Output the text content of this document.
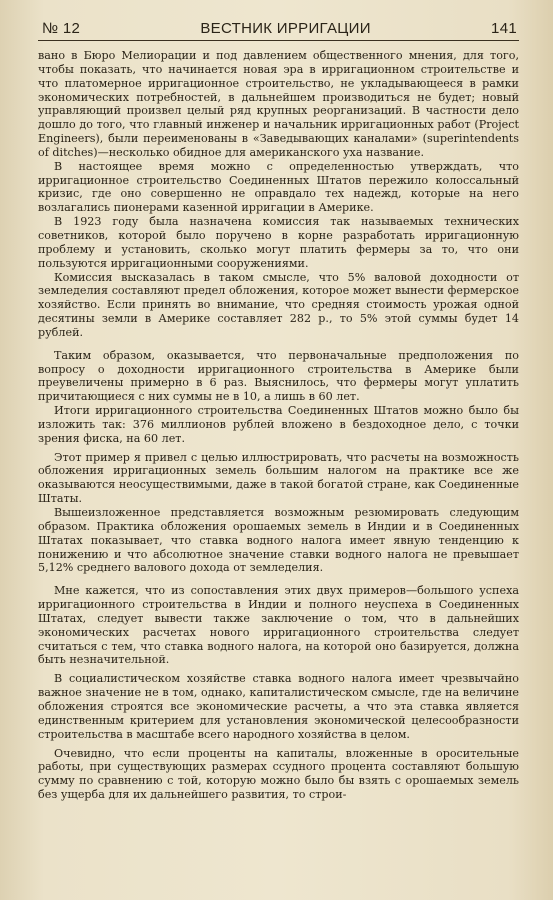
№ 12	ВЕСТНИК ИРРИГАЦИИ	141

вано в Бюро Мелиорации и под давлением общественного мнения, для того, чтобы показать, что начинается новая эра в ирригационном строительстве и что платомерное ирригационное строительство, не укладывающееся в рамки экономических потребностей, в дальнейшем производиться не будет; новый управляющий произвел целый ряд крупных реорганизаций. В частности дело дошло до того, что главный инженер и начальник ирригационных работ (Project Engineers), были переименованы в «Заведывающих каналами» (superintendents of ditches)—несколько обидное для американского уха название.

В настоящее время можно с определенностью утверждать, что ирригационное строительство Соединенных Штатов пережило колоссальный кризис, где оно совершенно не оправдало тех надежд, которые на него возлагались пионерами казенной ирригации в Америке.

В 1923 году была назначена комиссия так называемых технических советников, которой было поручено в корне разработать ирригационную проблему и установить, сколько могут платить фермеры за то, что они пользуются ирригационными сооружениями.

Комиссия высказалась в таком смысле, что 5% валовой доходности от земледелия составляют предел обложения, которое может вынести фермерское хозяйство. Если принять во внимание, что средняя стоимость урожая одной десятины земли в Америке составляет 282 р., то 5% этой суммы будет 14 рублей.

Таким образом, оказывается, что первоначальные предположения по вопросу о доходности ирригационного строительства в Америке были преувеличены примерно в 6 раз. Выяснилось, что фермеры могут уплатить причитающиеся с них суммы не в 10, а лишь в 60 лет.

Итоги ирригационного строительства Соединенных Штатов можно было бы изложить так: 376 миллионов рублей вложено в бездоходное дело, с точки зрения фиска, на 60 лет.

Этот пример я привел с целью иллюстрировать, что расчеты на возможность обложения ирригационных земель большим налогом на практике все же оказываются неосуществимыми, даже в такой богатой стране, как Соединенные Штаты.

Вышеизложенное представляется возможным резюмировать следующим образом. Практика обложения орошаемых земель в Индии и в Соединенных Штатах показывает, что ставка водного налога имеет явную тенденцию к понижению и что абсолютное значение ставки водного налога не превышает 5,12% среднего валового дохода от земледелия.

Мне кажется, что из сопоставления этих двух примеров—большого успеха ирригационного строительства в Индии и полного неуспеха в Соединенных Штатах, следует вывести также заключение о том, что в дальнейших экономических расчетах нового ирригационного строительства следует считаться с тем, что ставка водного налога, на которой оно базируется, должна быть незначительной.

В социалистическом хозяйстве ставка водного налога имеет чрезвычайно важное значение не в том, однако, капиталистическом смысле, где на величине обложения строятся все экономические расчеты, а что эта ставка является единственным критерием для установления экономической целесообразности строительства в масштабе всего народного хозяйства в целом.

Очевидно, что если проценты на капиталы, вложенные в оросительные работы, при существующих размерах ссудного процента составляют большую сумму по сравнению с той, которую можно было бы взять с орошаемых земель без ущерба для их дальнейшего развития, то строи-
